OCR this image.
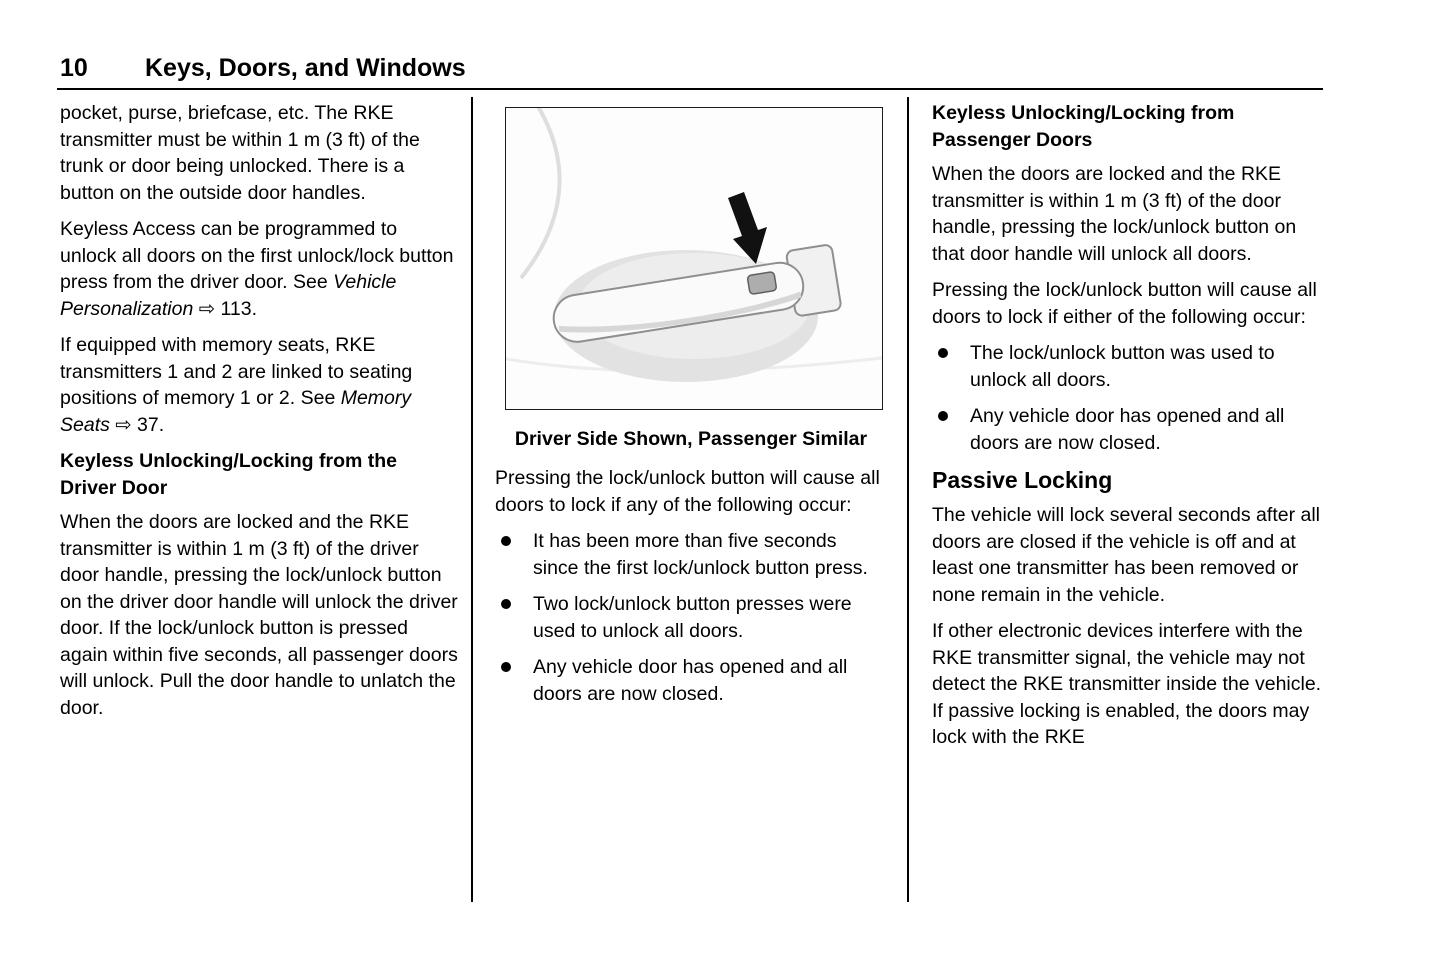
10 Keys, Doors, and Windows

pocket, purse, briefcase, etc. The RKE transmitter must be within 1 m (3 ft) of the trunk or door being unlocked. There is a button on the outside door handles.

Keyless Access can be programmed to unlock all doors on the first unlock/lock button press from the driver door. See Vehicle Personalization ⇨ 113.

If equipped with memory seats, RKE transmitters 1 and 2 are linked to seating positions of memory 1 or 2. See Memory Seats ⇨ 37.

Keyless Unlocking/Locking from the Driver Door

When the doors are locked and the RKE transmitter is within 1 m (3 ft) of the driver door handle, pressing the lock/unlock button on the driver door handle will unlock the driver door. If the lock/unlock button is pressed again within five seconds, all passenger doors will unlock. Pull the door handle to unlatch the door.

Driver Side Shown, Passenger Similar

Pressing the lock/unlock button will cause all doors to lock if any of the following occur:

It has been more than five seconds since the first lock/unlock button press.
Two lock/unlock button presses were used to unlock all doors.
Any vehicle door has opened and all doors are now closed.
Keyless Unlocking/Locking from Passenger Doors

When the doors are locked and the RKE transmitter is within 1 m (3 ft) of the door handle, pressing the lock/unlock button on that door handle will unlock all doors.

Pressing the lock/unlock button will cause all doors to lock if either of the following occur:

The lock/unlock button was used to unlock all doors.
Any vehicle door has opened and all doors are now closed.
Passive Locking

The vehicle will lock several seconds after all doors are closed if the vehicle is off and at least one transmitter has been removed or none remain in the vehicle.

If other electronic devices interfere with the RKE transmitter signal, the vehicle may not detect the RKE transmitter inside the vehicle. If passive locking is enabled, the doors may lock with the RKE
